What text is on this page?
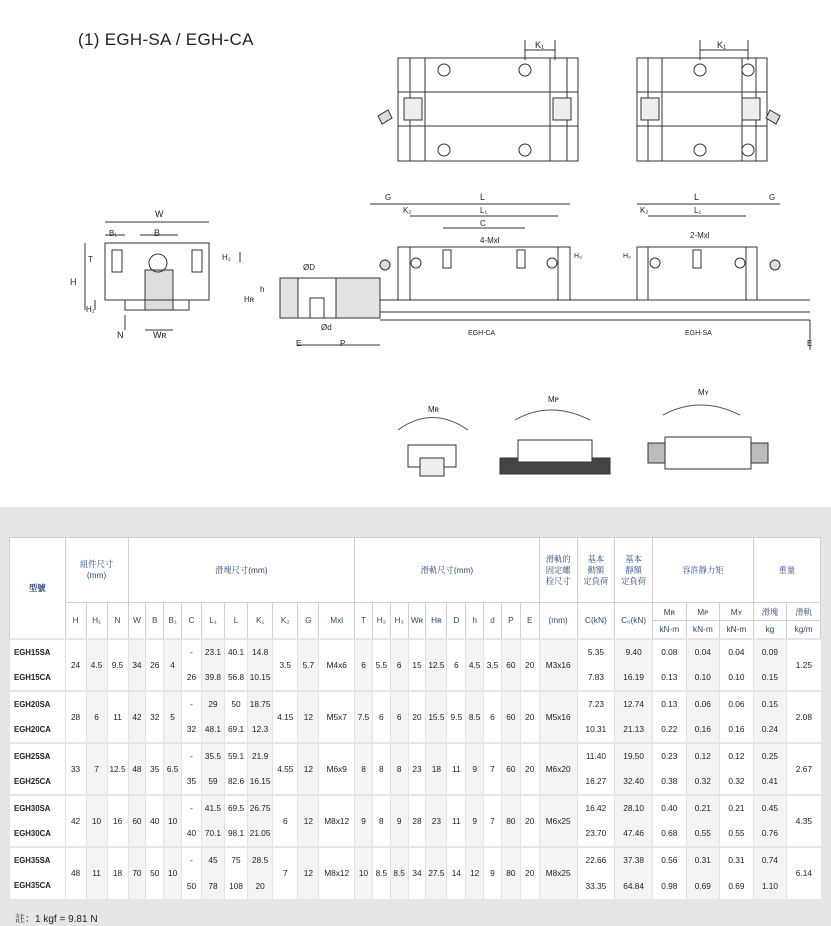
(1) EGH-SA / EGH-CA	K₁	K₁
W
B₁	B
T
H
H₂
H₁
N	Wʀ
ØD
Hʀ
h
Ød
E	P	E
G	L
K₂	L₁
C
4-Mxl
H₃
G
L
K₂	L₁
2-Mxl
H₃
EGH-CA	EGH-SA
Mʀ
Mᴘ
Mʏ
型號	組件尺寸
(mm)			滑塊尺寸(mm)										滑軌尺寸(mm)										滑軌的
固定螺
栓尺寸	基本
動額
定負荷	基本
靜額
定負荷	容許靜力矩			重量	
	H	H₁	N	W	B	B₁	C	L₁	L	K₁	K₂	G	Mxl	T	H₂	H₃	Wʀ	Hʀ	D	h	d	P	E	(mm)	C(kN)	C₀(kN)	Mʀ	Mᴘ	Mʏ	滑塊	滑軌
																											kN-m	kN-m	kN-m	kg	kg/m
EGH15SA	24	4.5	9.5	34	26	4	-	23.1	40.1	14.8	3.5	5.7	M4x6	6	5.5	6	15	12.5	6	4.5	3.5	60	20	M3x16	5.35	9.40	0.08	0.04	0.04	0.09	1.25
EGH15CA							26	39.8	56.8	10.15															7.83	16.19	0.13	0.10	0.10	0.15	
EGH20SA	28	6	11	42	32	5	-	29	50	18.75	4.15	12	M5x7	7.5	6	6	20	15.5	9.5	8.5	6	60	20	M5x16	7.23	12.74	0.13	0.06	0.06	0.15	2.08
EGH20CA							32	48.1	69.1	12.3															10.31	21.13	0.22	0.16	0.16	0.24	
EGH25SA	33	7	12.5	48	35	6.5	-	35.5	59.1	21.9	4.55	12	M6x9	8	8	8	23	18	11	9	7	60	20	M6x20	11.40	19.50	0.23	0.12	0.12	0.25	2.67
EGH25CA							35	59	82.6	16.15															16.27	32.40	0.38	0.32	0.32	0.41	
EGH30SA	42	10	16	60	40	10	-	41.5	69.5	26.75	6	12	M8x12	9	8	9	28	23	11	9	7	80	20	M6x25	16.42	28.10	0.40	0.21	0.21	0.45	4.35
EGH30CA							40	70.1	98.1	21.05															23.70	47.46	0.68	0.55	0.55	0.76	
EGH35SA	48	11	18	70	50	10	-	45	75	28.5	7	12	M8x12	10	8.5	8.5	34	27.5	14	12	9	80	20	M8x25	22.66	37.38	0.56	0.31	0.31	0.74	6.14
EGH35CA							50	78	108	20															33.35	64.84	0.98	0.69	0.69	1.10	
註：1 kgf = 9.81 N
